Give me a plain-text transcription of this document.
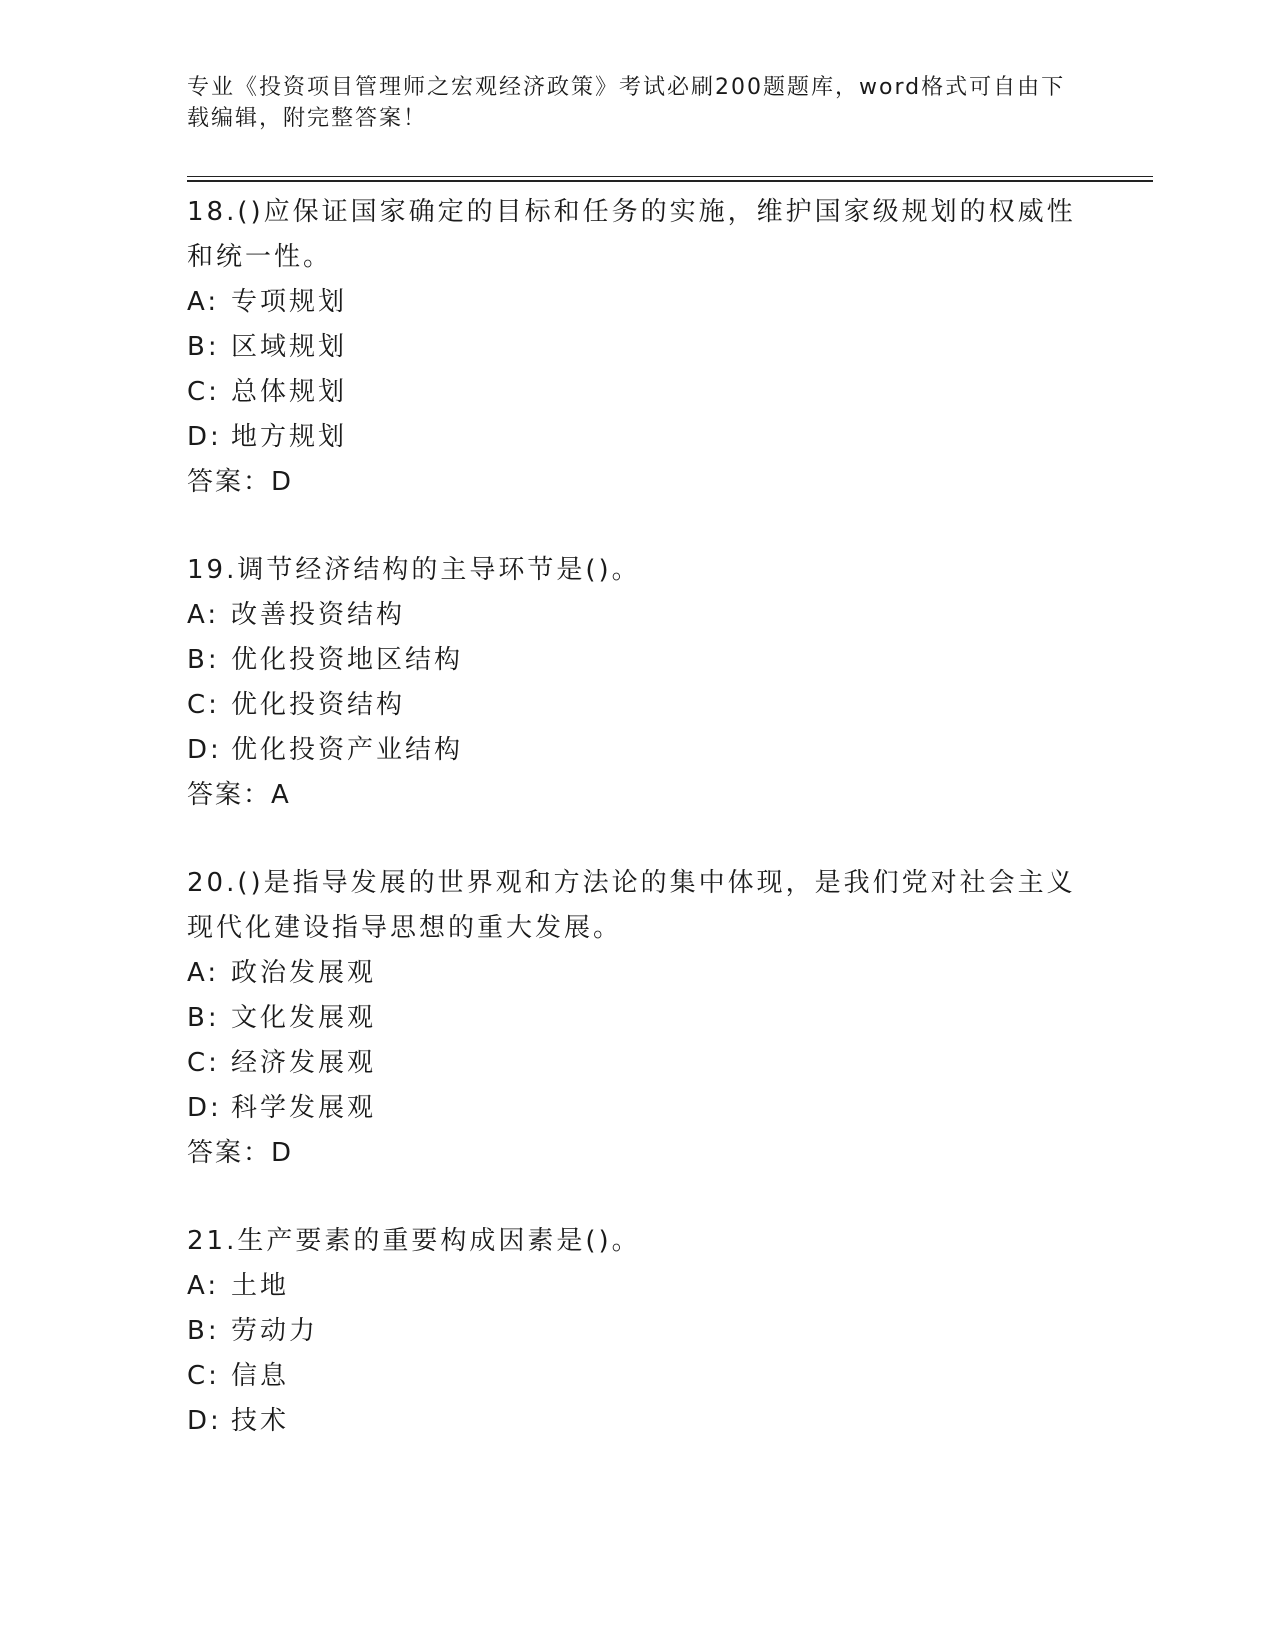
专业《投资项目管理师之宏观经济政策》考试必刷200题题库，word格式可自由下载编辑，附完整答案！

18.()应保证国家确定的目标和任务的实施，维护国家级规划的权威性和统一性。

A: 专项规划

B: 区域规划

C: 总体规划

D: 地方规划

答案：D

19.调节经济结构的主导环节是()。

A: 改善投资结构

B: 优化投资地区结构

C: 优化投资结构

D: 优化投资产业结构

答案：A

20.()是指导发展的世界观和方法论的集中体现，是我们党对社会主义现代化建设指导思想的重大发展。

A: 政治发展观

B: 文化发展观

C: 经济发展观

D: 科学发展观

答案：D

21.生产要素的重要构成因素是()。

A: 土地

B: 劳动力

C: 信息

D: 技术
